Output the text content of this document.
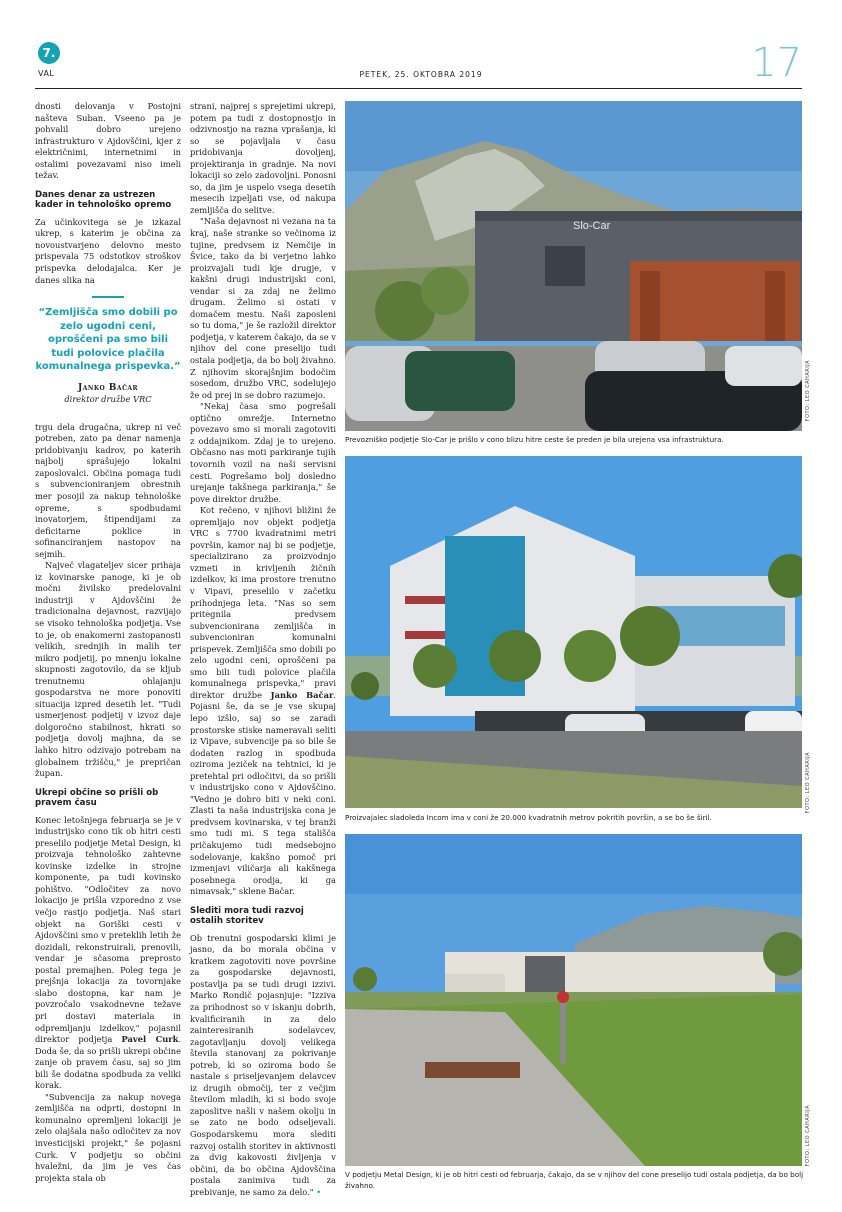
7.
VAL	PETEK, 25. OKTOBRA 2019	17

dnosti delovanja v Postojni našteva Suban. Vseeno pa je pohvalil dobro urejeno infrastrukturo v Ajdovščini, kjer z električnimi, internetnimi in ostalimi povezavami niso imeli težav.

Danes denar za ustrezen kader in tehnološko opremo

Za učinkovitega se je izkazal ukrep, s katerim je občina za novoustvarjeno delovno mesto prispevala 75 odstotkov stroškov prispevka delodajalca. Ker je danes slika na

“Zemljišča smo dobili po zelo ugodni ceni, oproščeni pa smo bili tudi polovice plačila komunalnega prispevka.”
Janko Bačar
direktor družbe VRC

trgu dela drugačna, ukrep ni več potreben, zato pa denar namenja pridobivanju kadrov, po katerih najbolj sprašujejo lokalni zaposlovalci. Občina pomaga tudi s subvencioniranjem obrestnih mer posojil za nakup tehnološke opreme, s spodbudami inovatorjem, štipendijami za deficitarne poklice in sofinanciranjem nastopov na sejmih.

Največ vlagateljev sicer prihaja iz kovinarske panoge, ki je ob močni živilsko predelovalni industriji v Ajdovščini že tradicionalna dejavnost, razvijajo se visoko tehnološka podjetja. Vse to je, ob enakomerni zastopanosti velikih, srednjih in malih ter mikro podjetij, po mnenju lokalne skupnosti zagotovilo, da se kljub trenutnemu ohlajanju gospodarstva ne more ponoviti situacija izpred desetih let. "Tudi usmerjenost podjetij v izvoz daje dolgoročno stabilnost, hkrati so podjetja dovolj majhna, da se lahko hitro odzivajo potrebam na globalnem tržišču," je prepričan župan.

Ukrepi občine so prišli ob pravem času

Konec letošnjega februarja se je v industrijsko cono tik ob hitri cesti preselilo podjetje Metal Design, ki proizvaja tehnološko zahtevne kovinske izdelke in strojne komponente, pa tudi kovinsko pohištvo. "Odločitev za novo lokacijo je prišla vzporedno z vse večjo rastjo podjetja. Naš stari objekt na Goriški cesti v Ajdovščini smo v preteklih letih že dozidali, rekonstruirali, prenovili, vendar je sčasoma preprosto postal premajhen. Poleg tega je prejšnja lokacija za tovornjake slabo dostopna, kar nam je povzročalo vsakodnevne težave pri dostavi materiala in odpremljanju izdelkov," pojasnil direktor podjetja Pavel Curk. Doda še, da so prišli ukrepi občine zanje ob pravem času, saj so jim bili še dodatna spodbuda za veliki korak.

"Subvencija za nakup novega zemljišča na odprti, dostopni in komunalno opremljeni lokaciji je zelo olajšala našo odločitev za nov investicijski projekt," še pojasni Curk. V podjetju so občini hvaležni, da jim je ves čas projekta stala ob

strani, najprej s sprejetimi ukrepi, potem pa tudi z dostopnostjo in odzivnostjo na razna vprašanja, ki so se pojavljala v času pridobivanja dovoljenj, projektiranja in gradnje. Na novi lokaciji so zelo zadovoljni. Ponosni so, da jim je uspelo vsega desetih mesecih izpeljati vse, od nakupa zemljišča do selitve.

"Naša dejavnost ni vezana na ta kraj, naše stranke so večinoma iz tujine, predvsem iz Nemčije in Švice, tako da bi verjetno lahko proizvajali tudi kje drugje, v kakšni drugi industrijski coni, vendar si za zdaj ne želimo drugam. Želimo si ostati v domačem mestu. Naši zaposleni so tu doma," je še razložil direktor podjetja, v katerem čakajo, da se v njihov del cone preselijo tudi ostala podjetja, da bo bolj živahno. Z njihovim skorajšnjim bodočim sosedom, družbo VRC, sodelujejo že od prej in se dobro razumejo.

"Nekaj časa smo pogrešali optično omrežje. Internetno povezavo smo si morali zagotoviti z oddajnikom. Zdaj je to urejeno. Občasno nas moti parkiranje tujih tovornih vozil na naši servisni cesti. Pogrešamo bolj dosledno urejanje takšnega parkiranja," še pove direktor družbe.

Kot rečeno, v njihovi bližini že opremljajo nov objekt podjetja VRC s 7700 kvadratnimi metri površin, kamor naj bi se podjetje, specializirano za proizvodnjo vzmeti in krivljenih žičnih izdelkov, ki ima prostore trenutno v Vipavi, preselilo v začetku prihodnjega leta. "Nas so sem pritegnila predvsem subvencionirana zemljišča in subvencioniran komunalni prispevek. Zemljišča smo dobili po zelo ugodni ceni, oproščeni pa smo bili tudi polovice plačila komunalnega prispevka," pravi direktor družbe Janko Bačar. Pojasni še, da se je vse skupaj lepo izšlo, saj so se zaradi prostorske stiske nameravali seliti iz Vipave, subvencije pa so bile še dodaten razlog in spodbuda oziroma jeziček na tehtnici, ki je pretehtal pri odločitvi, da so prišli v industrijsko cono v Ajdovščino. "Vedno je dobro biti v neki coni. Zlasti ta naša industrijska cona je predvsem kovinarska, v tej branži smo tudi mi. S tega stališča pričakujemo tudi medsebojno sodelovanje, kakšno pomoč pri izmenjavi viličarja ali kakšnega posebnega orodja, ki ga nimavsak," sklene Bačar.

Slediti mora tudi razvoj ostalih storitev

Ob trenutni gospodarski klimi je jasno, da bo morala občina v kratkem zagotoviti nove površine za gospodarske dejavnosti, postavlja pa se tudi drugi izzivi. Marko Rondič pojasnjuje: "Izziva za prihodnost so v iskanju dobrih, kvalificiranih in za delo zainteresiranih sodelavcev, zagotavljanju dovolj velikega števila stanovanj za pokrivanje potreb, ki so oziroma bodo še nastale s priseljevanjem delavcev iz drugih območij, ter z večjim številom mladih, ki si bodo svoje zaposlitve našli v našem okolju in se zato ne bodo odseljevali. Gospodarskemu mora slediti razvoj ostalih storitev in aktivnosti za dvig kakovosti življenja v občini, da bo občina Ajdovščina postala zanimiva tudi za prebivanje, ne samo za delo." •

Slo-Car
FOTO: LEO CAHARIJA
Prevozniško podjetje Slo-Car je prišlo v cono blizu hitre ceste še preden je bila urejena vsa infrastruktura.
FOTO: LEO CAHARIJA
Proizvajalec sladoleda Incom ima v coni že 20.000 kvadratnih metrov pokritih površin, a se bo še širil.
FOTO: LEO CAHARIJA
V podjetju Metal Design, ki je ob hitri cesti od februarja, čakajo, da se v njihov del cone preselijo tudi ostala podjetja, da bo bolj živahno.
